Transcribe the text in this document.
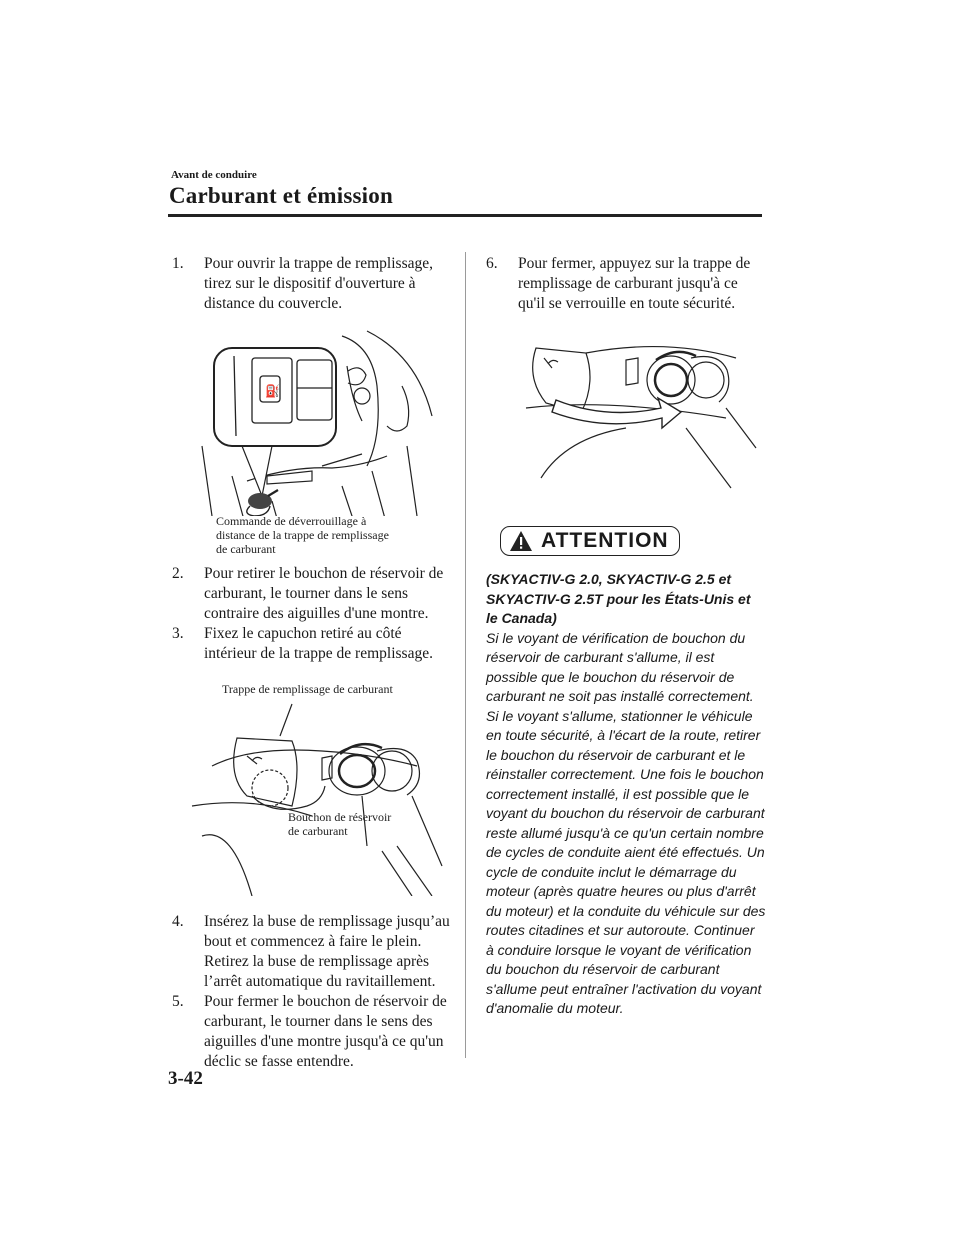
Avant de conduire
Carburant et émission
1. Pour ouvrir la trappe de remplissage, tirez sur le dispositif d'ouverture à distance du couvercle.
⛽
Commande de déverrouillage à
distance de la trappe de remplissage
de carburant
2. Pour retirer le bouchon de réservoir de carburant, le tourner dans le sens contraire des aiguilles d'une montre.
3. Fixez le capuchon retiré au côté intérieur de la trappe de remplissage.
Trappe de remplissage de carburant
Bouchon de réservoir
de carburant
4. Insérez la buse de remplissage jusqu’au bout et commencez à faire le plein. Retirez la buse de remplissage après l’arrêt automatique du ravitaillement.
5. Pour fermer le bouchon de réservoir de carburant, le tourner dans le sens des aiguilles d'une montre jusqu'à ce qu'un déclic se fasse entendre.
6. Pour fermer, appuyez sur la trappe de remplissage de carburant jusqu'à ce qu'il se verrouille en toute sécurité.
ATTENTION
(SKYACTIV-G 2.0, SKYACTIV-G 2.5 et SKYACTIV-G 2.5T pour les États-Unis et le Canada)
Si le voyant de vérification de bouchon du réservoir de carburant s'allume, il est possible que le bouchon du réservoir de carburant ne soit pas installé correctement. Si le voyant s'allume, stationner le véhicule en toute sécurité, à l'écart de la route, retirer le bouchon du réservoir de carburant et le réinstaller correctement. Une fois le bouchon correctement installé, il est possible que le voyant du bouchon du réservoir de carburant reste allumé jusqu'à ce qu'un certain nombre de cycles de conduite aient été effectués. Un cycle de conduite inclut le démarrage du moteur (après quatre heures ou plus d'arrêt du moteur) et la conduite du véhicule sur des routes citadines et sur autoroute. Continuer à conduire lorsque le voyant de vérification du bouchon du réservoir de carburant s'allume peut entraîner l'activation du voyant d'anomalie du moteur.
3-42
